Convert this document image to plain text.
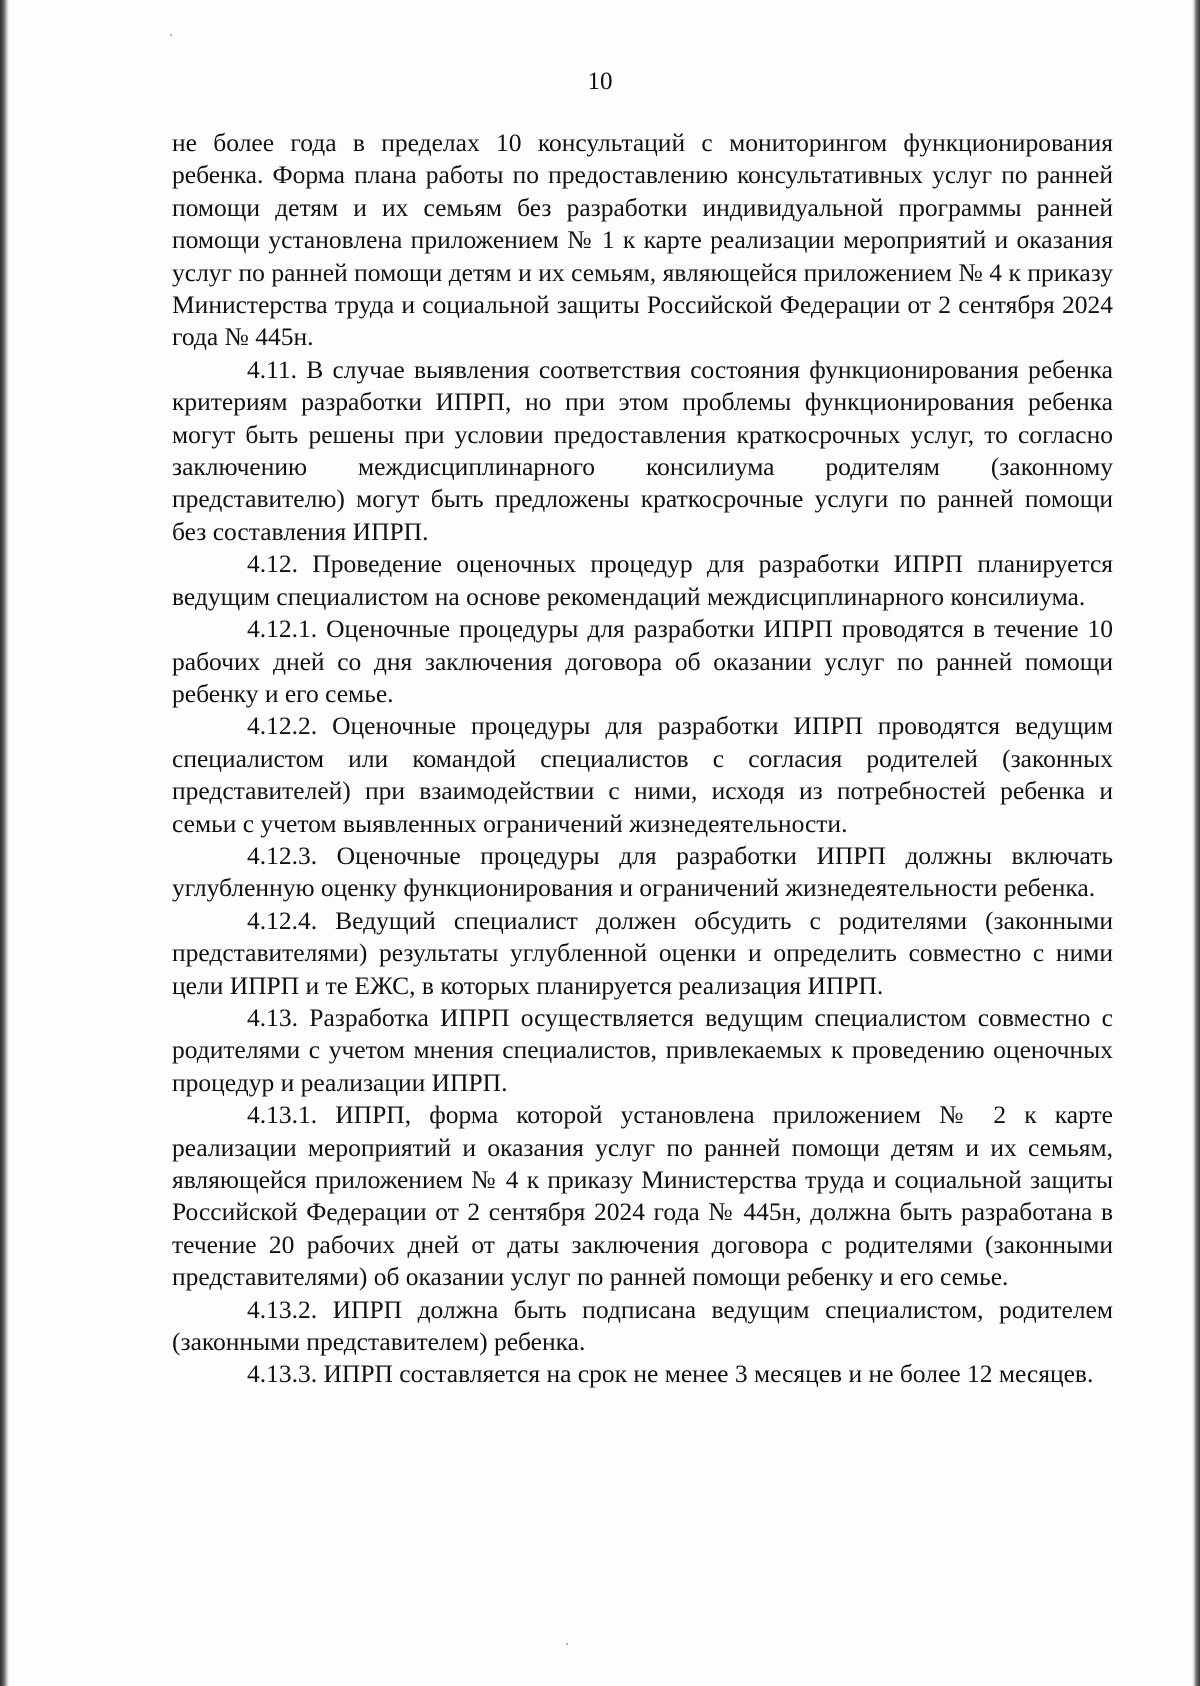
10

не более года в пределах 10 консультаций с мониторингом функционирования ребенка. Форма плана работы по предоставлению консультативных услуг по ранней помощи детям и их семьям без разработки индивидуальной программы ранней помощи установлена приложением № 1 к карте реализации мероприятий и оказания услуг по ранней помощи детям и их семьям, являющейся приложением № 4 к приказу Министерства труда и социальной защиты Российской Федерации от 2 сентября 2024 года № 445н.

4.11. В случае выявления соответствия состояния функционирования ребенка критериям разработки ИПРП, но при этом проблемы функционирования ребенка могут быть решены при условии предоставления краткосрочных услуг, то согласно заключению междисциплинарного консилиума родителям (законному представителю) могут быть предложены краткосрочные услуги по ранней помощи без составления ИПРП.

4.12. Проведение оценочных процедур для разработки ИПРП планируется ведущим специалистом на основе рекомендаций междисциплинарного консилиума.

4.12.1. Оценочные процедуры для разработки ИПРП проводятся в течение 10 рабочих дней со дня заключения договора об оказании услуг по ранней помощи ребенку и его семье.

4.12.2. Оценочные процедуры для разработки ИПРП проводятся ведущим специалистом или командой специалистов с согласия родителей (законных представителей) при взаимодействии с ними, исходя из потребностей ребенка и семьи с учетом выявленных ограничений жизнедеятельности.

4.12.3. Оценочные процедуры для разработки ИПРП должны включать углубленную оценку функционирования и ограничений жизнедеятельности ребенка.

4.12.4. Ведущий специалист должен обсудить с родителями (законными представителями) результаты углубленной оценки и определить совместно с ними цели ИПРП и те ЕЖС, в которых планируется реализация ИПРП.

4.13. Разработка ИПРП осуществляется ведущим специалистом совместно с родителями с учетом мнения специалистов, привлекаемых к проведению оценочных процедур и реализации ИПРП.

4.13.1. ИПРП, форма которой установлена приложением № 2 к карте реализации мероприятий и оказания услуг по ранней помощи детям и их семьям, являющейся приложением № 4 к приказу Министерства труда и социальной защиты Российской Федерации от 2 сентября 2024 года № 445н, должна быть разработана в течение 20 рабочих дней от даты заключения договора с родителями (законными представителями) об оказании услуг по ранней помощи ребенку и его семье.

4.13.2. ИПРП должна быть подписана ведущим специалистом, родителем (законными представителем) ребенка.

4.13.3. ИПРП составляется на срок не менее 3 месяцев и не более 12 месяцев.
